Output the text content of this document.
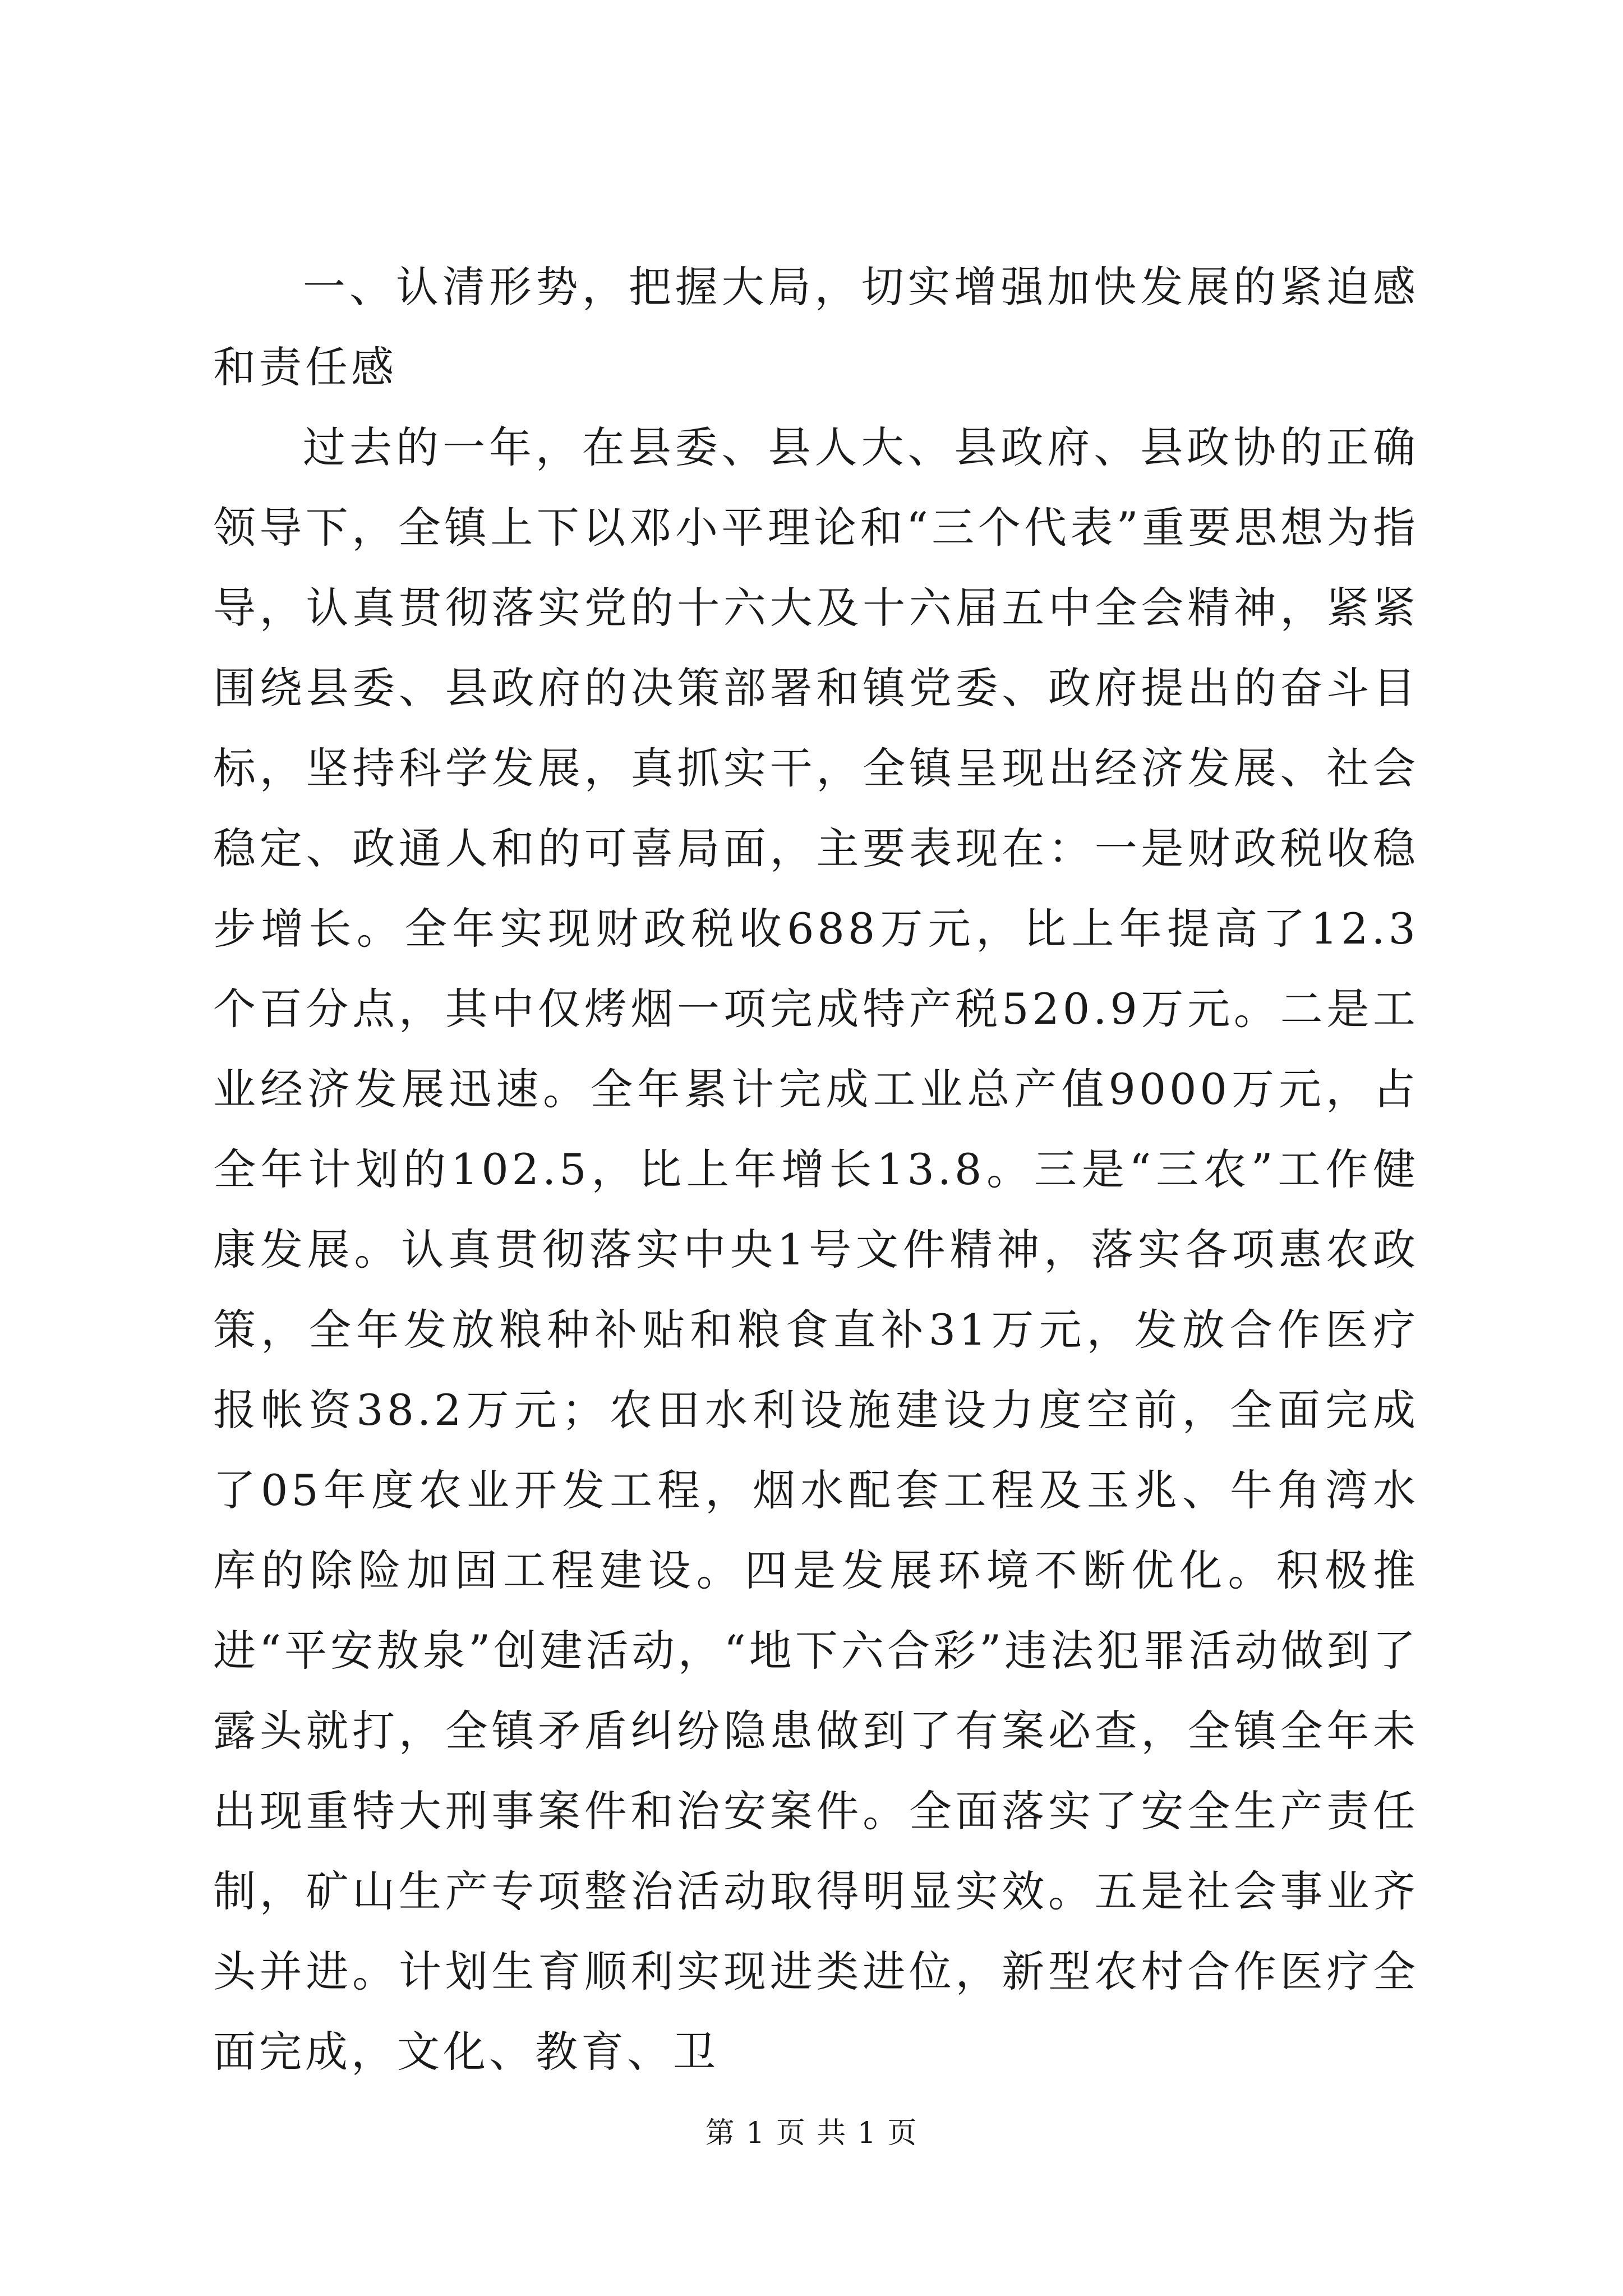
一、认清形势，把握大局，切实增强加快发展的紧迫感和责任感

过去的一年，在县委、县人大、县政府、县政协的正确领导下，全镇上下以邓小平理论和“三个代表”重要思想为指导，认真贯彻落实党的十六大及十六届五中全会精神，紧紧围绕县委、县政府的决策部署和镇党委、政府提出的奋斗目标，坚持科学发展，真抓实干，全镇呈现出经济发展、社会稳定、政通人和的可喜局面，主要表现在：一是财政税收稳步增长。全年实现财政税收688万元，比上年提高了12.3个百分点，其中仅烤烟一项完成特产税520.9万元。二是工业经济发展迅速。全年累计完成工业总产值9000万元，占全年计划的102.5，比上年增长13.8。三是“三农”工作健康发展。认真贯彻落实中央1号文件精神，落实各项惠农政策，全年发放粮种补贴和粮食直补31万元，发放合作医疗报帐资38.2万元；农田水利设施建设力度空前，全面完成了05年度农业开发工程，烟水配套工程及玉兆、牛角湾水库的除险加固工程建设。四是发展环境不断优化。积极推进“平安敖泉”创建活动，“地下六合彩”违法犯罪活动做到了露头就打，全镇矛盾纠纷隐患做到了有案必查，全镇全年未出现重特大刑事案件和治安案件。全面落实了安全生产责任制，矿山生产专项整治活动取得明显实效。五是社会事业齐头并进。计划生育顺利实现进类进位，新型农村合作医疗全面完成，文化、教育、卫

第 1 页 共 1 页
